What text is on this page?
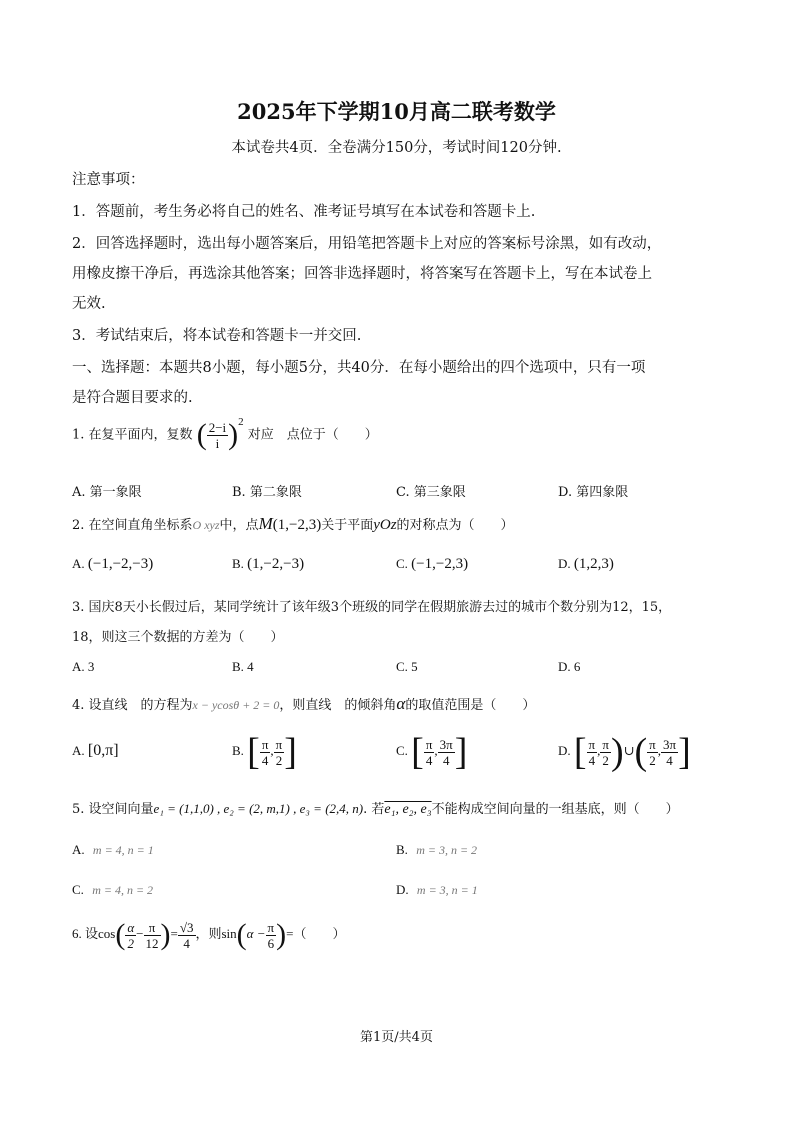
2025年下学期10月高二联考数学
本试卷共4页．全卷满分150分，考试时间120分钟.
注意事项：
1．答题前，考生务必将自己的姓名、准考证号填写在本试卷和答题卡上.
2．回答选择题时，选出每小题答案后，用铅笔把答题卡上对应的答案标号涂黑，如有改动，
用橡皮擦干净后，再选涂其他答案；回答非选择题时，将答案写在答题卡上，写在本试卷上
无效.
3．考试结束后，将本试卷和答题卡一并交回.
一、选择题：本题共8小题，每小题5分，共40分．在每小题给出的四个选项中，只有一项
是符合题目要求的.
1. 在复平面内，复数 ( $\frac{2-i}{i} )^2$ 对应　点位于（　　）
A. 第一象限	B. 第二象限	C. 第三象限	D. 第四象限
2. 在空间直角坐标系O xyz中，点M(1,−2,3)关于平面yOz的对称点为（　　）
A. (−1,−2,−3)	B. (1,−2,−3)	C. (−1,−2,3)	D. (1,2,3)
3. 国庆8天小长假过后，某同学统计了该年级3个班级的同学在假期旅游去过的城市个数分别为12，15，
18，则这三个数据的方差为（　　）
A. 3	B. 4	C. 5	D. 6
4. 设直线　的方程为x − ycosθ + 2 = 0，则直线　的倾斜角α的取值范围是（　　）
A. [0,π]	B. [ $\frac{\pi}{4}$ , $\frac{\pi}{2}$ ]	C. [ $\frac{\pi}{4}$ , $\frac{3\pi}{4}$ ]	D. [ $\frac{\pi}{4}$ , $\frac{\pi}{2}$ )∪( $\frac{\pi}{2}$ , $\frac{3\pi}{4}$ ]
5. 设空间向量e₁ = (1,1,0) , e₂ = (2, m,1) , e₃ = (2,4, n). 若e₁, e₂, e₃不能构成空间向量的一组基底，则（　　）
A. m = 4, n = 1	B. m = 3, n = 2
C. m = 4, n = 2	D. m = 3, n = 1
6. 设$\cos( \frac{\alpha}{2} - \frac{\pi}{12}$ )= $\frac{√3}{4}$ ，则$\sin(\alpha - \frac{\pi}{6}$ )=（　　）
第1页/共4页
